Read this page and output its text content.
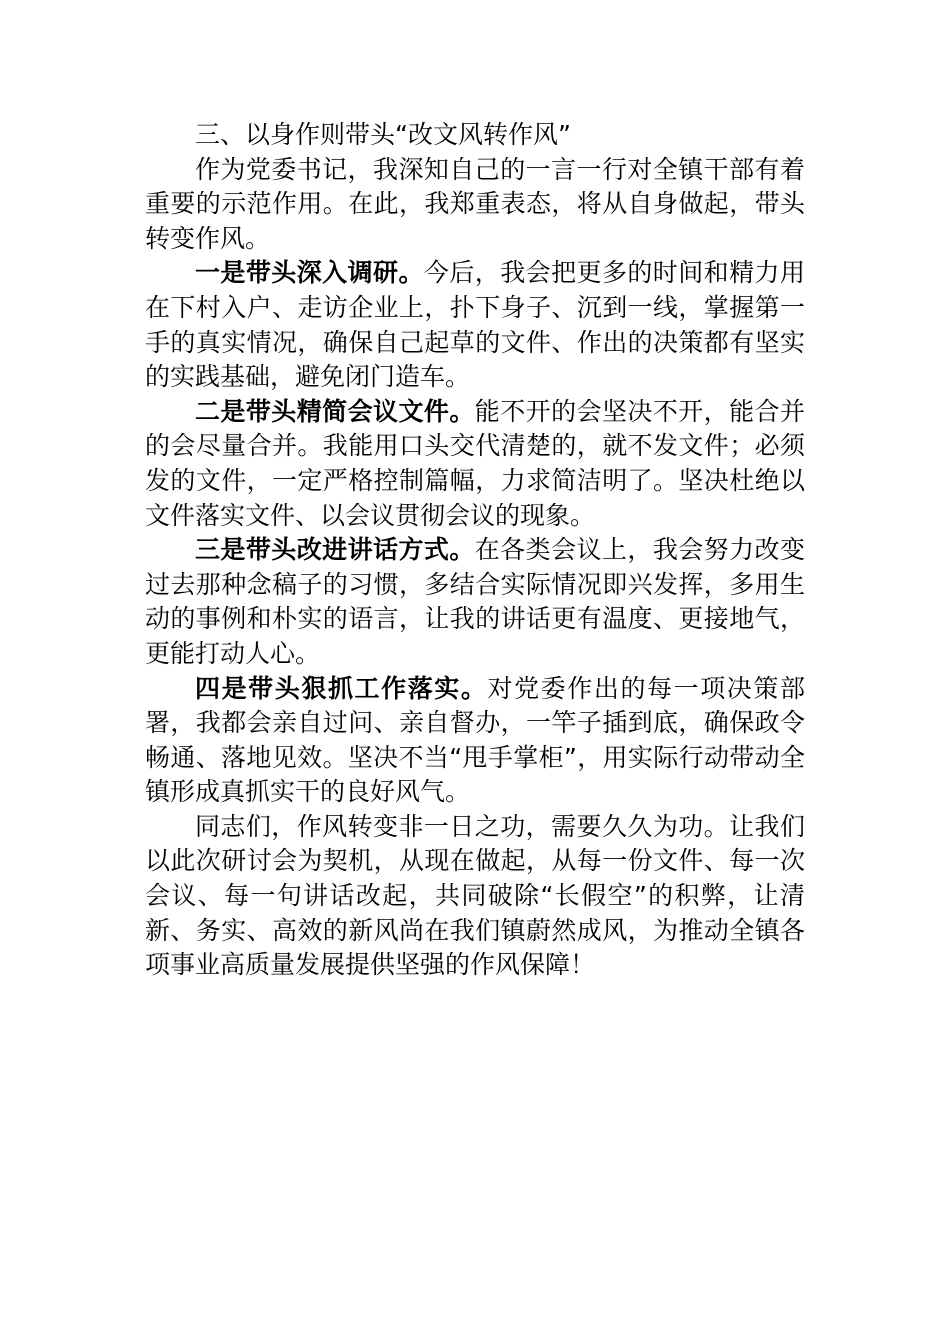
三、以身作则带头“改文风转作风”

作为党委书记，我深知自己的一言一行对全镇干部有着重要的示范作用。在此，我郑重表态，将从自身做起，带头转变作风。

一是带头深入调研。今后，我会把更多的时间和精力用在下村入户、走访企业上，扑下身子、沉到一线，掌握第一手的真实情况，确保自己起草的文件、作出的决策都有坚实的实践基础，避免闭门造车。

二是带头精简会议文件。能不开的会坚决不开，能合并的会尽量合并。我能用口头交代清楚的，就不发文件；必须发的文件，一定严格控制篇幅，力求简洁明了。坚决杜绝以文件落实文件、以会议贯彻会议的现象。

三是带头改进讲话方式。在各类会议上，我会努力改变过去那种念稿子的习惯，多结合实际情况即兴发挥，多用生动的事例和朴实的语言，让我的讲话更有温度、更接地气，更能打动人心。

四是带头狠抓工作落实。对党委作出的每一项决策部署，我都会亲自过问、亲自督办，一竿子插到底，确保政令畅通、落地见效。坚决不当“甩手掌柜”，用实际行动带动全镇形成真抓实干的良好风气。

同志们，作风转变非一日之功，需要久久为功。让我们以此次研讨会为契机，从现在做起，从每一份文件、每一次会议、每一句讲话改起，共同破除“长假空”的积弊，让清新、务实、高效的新风尚在我们镇蔚然成风，为推动全镇各项事业高质量发展提供坚强的作风保障！
